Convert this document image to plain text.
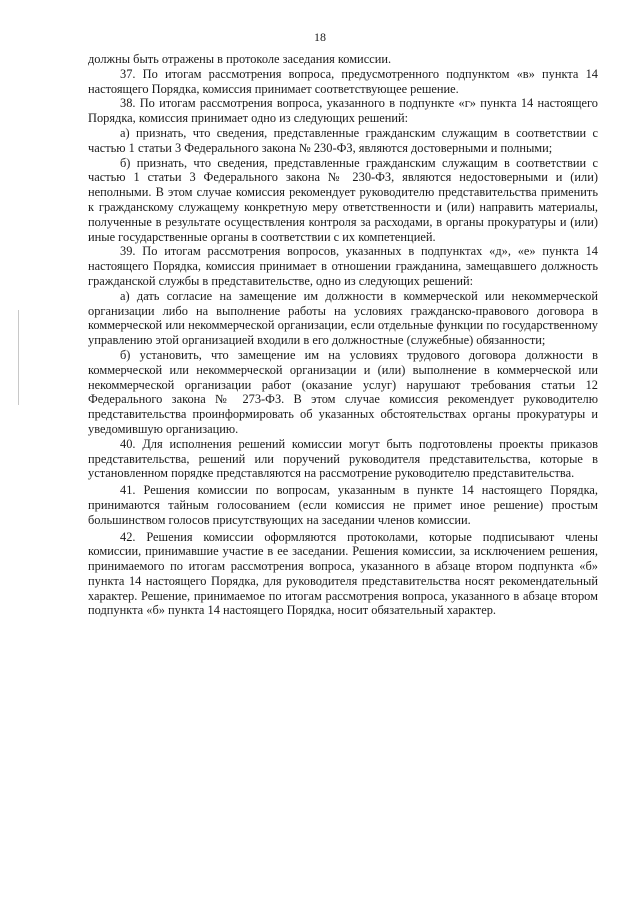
18

должны быть отражены в протоколе заседания комиссии.

37. По итогам рассмотрения вопроса, предусмотренного подпунктом «в» пункта 14 настоящего Порядка, комиссия принимает соответствующее решение.

38. По итогам рассмотрения вопроса, указанного в подпункте «г» пункта 14 настоящего Порядка, комиссия принимает одно из следующих решений:

а) признать, что сведения, представленные гражданским служащим в соответствии с частью 1 статьи 3 Федерального закона № 230-ФЗ, являются достоверными и полными;

б) признать, что сведения, представленные гражданским служащим в соответствии с частью 1 статьи 3 Федерального закона № 230-ФЗ, являются недостоверными и (или) неполными. В этом случае комиссия рекомендует руководителю представительства применить к гражданскому служащему конкретную меру ответственности и (или) направить материалы, полученные в результате осуществления контроля за расходами, в органы прокуратуры и (или) иные государственные органы в соответствии с их компетенцией.

39. По итогам рассмотрения вопросов, указанных в подпунктах «д», «е» пункта 14 настоящего Порядка, комиссия принимает в отношении гражданина, замещавшего должность гражданской службы в представительстве, одно из следующих решений:

а) дать согласие на замещение им должности в коммерческой или некоммерческой организации либо на выполнение работы на условиях гражданско-правового договора в коммерческой или некоммерческой организации, если отдельные функции по государственному управлению этой организацией входили в его должностные (служебные) обязанности;

б) установить, что замещение им на условиях трудового договора должности в коммерческой или некоммерческой организации и (или) выполнение в коммерческой или некоммерческой организации работ (оказание услуг) нарушают требования статьи 12 Федерального закона № 273-ФЗ. В этом случае комиссия рекомендует руководителю представительства проинформировать об указанных обстоятельствах органы прокуратуры и уведомившую организацию.

40. Для исполнения решений комиссии могут быть подготовлены проекты приказов представительства, решений или поручений руководителя представительства, которые в установленном порядке представляются на рассмотрение руководителю представительства.

41. Решения комиссии по вопросам, указанным в пункте 14 настоящего Порядка, принимаются тайным голосованием (если комиссия не примет иное решение) простым большинством голосов присутствующих на заседании членов комиссии.

42. Решения комиссии оформляются протоколами, которые подписывают члены комиссии, принимавшие участие в ее заседании. Решения комиссии, за исключением решения, принимаемого по итогам рассмотрения вопроса, указанного в абзаце втором подпункта «б» пункта 14 настоящего Порядка, для руководителя представительства носят рекомендательный характер. Решение, принимаемое по итогам рассмотрения вопроса, указанного в абзаце втором подпункта «б» пункта 14 настоящего Порядка, носит обязательный характер.
